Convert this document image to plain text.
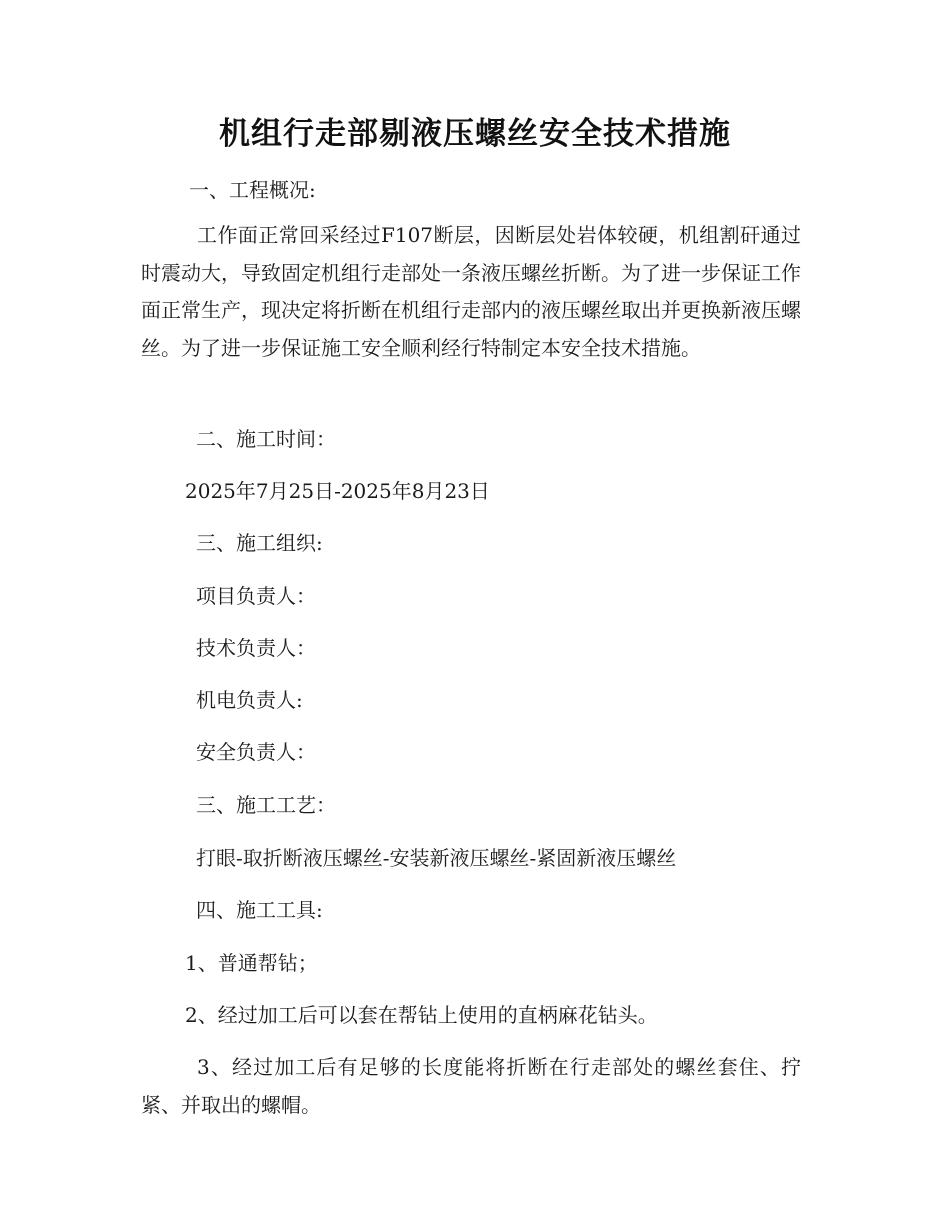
机组行走部剔液压螺丝安全技术措施
一、工程概况:
工作面正常回采经过F107断层，因断层处岩体较硬，机组割矸通过时震动大，导致固定机组行走部处一条液压螺丝折断。为了进一步保证工作面正常生产，现决定将折断在机组行走部内的液压螺丝取出并更换新液压螺丝。为了进一步保证施工安全顺利经行特制定本安全技术措施。
二、施工时间：
2025年7月25日-2025年8月23日
三、施工组织:
项目负责人：
技术负责人：
机电负责人:
安全负责人：
三、施工工艺：
打眼-取折断液压螺丝-安装新液压螺丝-紧固新液压螺丝
四、施工工具:
1、普通帮钻；
2、经过加工后可以套在帮钻上使用的直柄麻花钻头。
3、经过加工后有足够的长度能将折断在行走部处的螺丝套住、拧紧、并取出的螺帽。
